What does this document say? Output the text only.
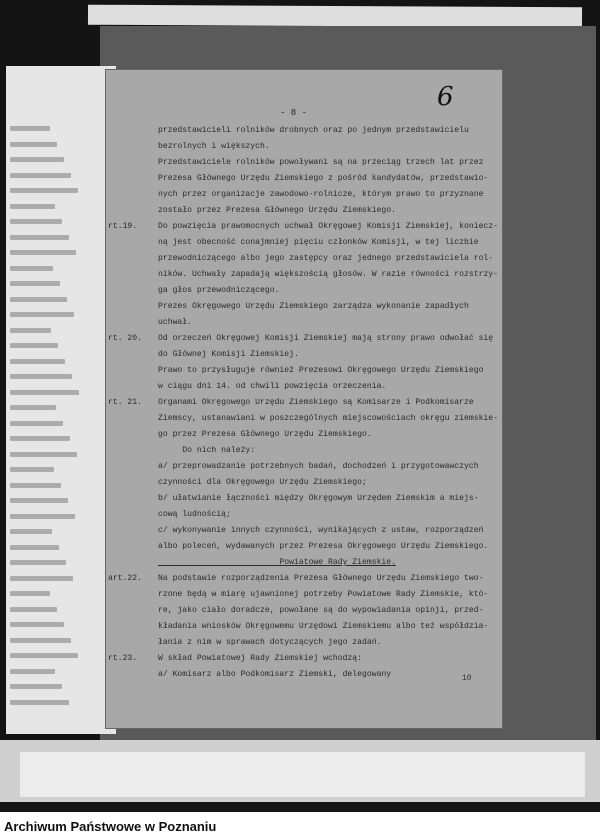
6
- 8 -
przedstawicieli rolników drobnych oraz po jednym przedstawicielu
bezrolnych i większych.
Przedstawiciele rolników powoływani są na przeciąg trzech lat przez
Prezesa Głównego Urzędu Ziemskiego z pośród kandydatów, przedstawio-
nych przez organizacje zawodowo-rolnicze, którym prawo to przyznane
zostało przez Prezesa Głównego Urzędu Ziemskiego.
rt.19.	Do powzięcia prawomocnych uchwał Okręgowej Komisji Ziemskiej, koniecz-
ną jest obecność conajmniej pięciu członków Komisji, w tej liczbie
przewodniczącego albo jego zastępcy oraz jednego przedstawiciela rol-
ników. Uchwały zapadają większością głosów. W razie równości rozstrzy-
ga głos przewodniczącego.
Prezes Okręgowego Urzędu Ziemskiego zarządza wykonanie zapadłych
uchwał.
rt. 20.	Od orzeczeń Okręgowej Komisji Ziemskiej mają strony prawo odwołać się
do Głównej Komisji Ziemskiej.
Prawo to przysługuje również Prezesowi Okręgowego Urzędu Ziemskiego
w ciągu dni 14. od chwili powzięcia orzeczenia.
rt. 21.	Organami Okręgowego Urzędu Ziemskiego są Komisarze i Podkomisarze
Ziemscy, ustanawiani w poszczególnych miejscowościach okręgu ziemskie-
go przez Prezesa Głównego Urzędu Ziemskiego.
Do nich należy:
a/ przeprowadzanie potrzebnych badań, dochodzeń i przygotowawczych
czynności dla Okręgowego Urzędu Ziemskiego;
b/ ułatwianie łączności między Okręgowym Urzędem Ziemskim a miejs-
cową ludnością;
c/ wykonywanie innych czynności, wynikających z ustaw, rozporządzeń
albo poleceń, wydawanych przez Prezesa Okręgowego Urzędu Ziemskiego.
Powiatowe Rady Ziemskie.
art.22.	Na podstawie rozporządzenia Prezesa Głównego Urzędu Ziemskiego two-
rzone będą w miarę ujawnionej potrzeby Powiatowe Rady Ziemskie, któ-
re, jako ciało doradcze, powołane są do wypowiadania opinji, przed-
kładania wniosków Okręgowemu Urzędowi Ziemskiemu albo też współdzia-
łania z nim w sprawach dotyczących jego zadań.
rt.23.	W skład Powiatowej Rady Ziemskiej wchodzą:
a/ Komisarz albo Podkomisarz Ziemski, delegowany	10
Archiwum Państwowe w Poznaniu
